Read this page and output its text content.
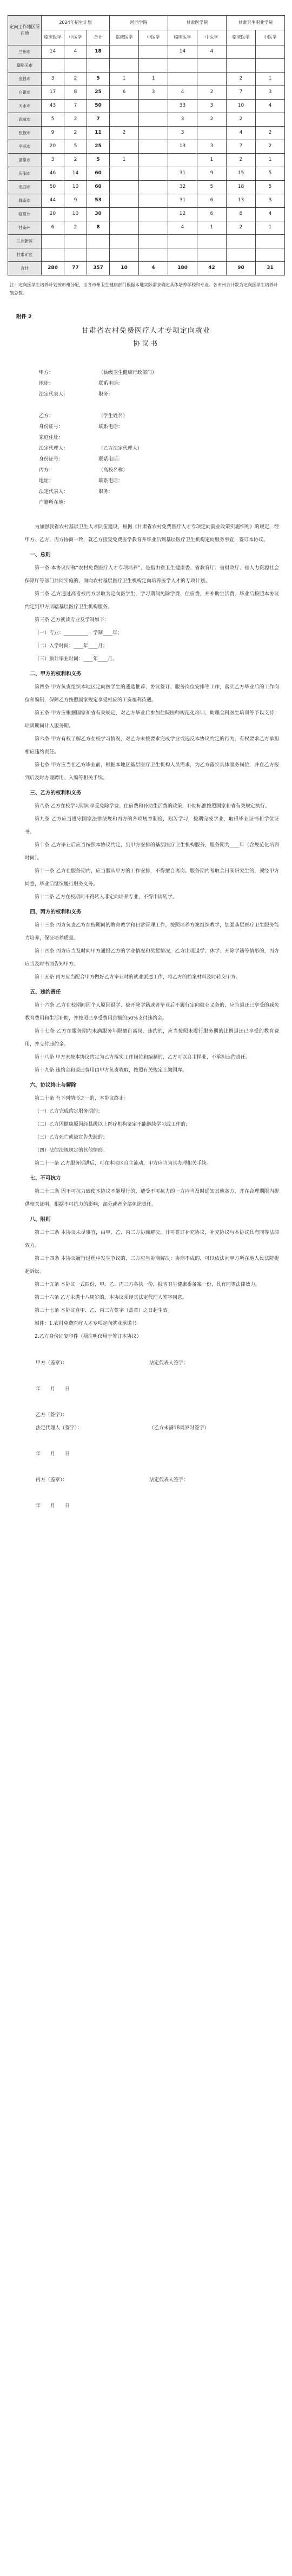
定向工作地区所在地	2024年招生计划			河西学院		甘肃医学院		甘肃卫生职业学院	
	临床医学	中医学	合计	临床医学	中医学	临床医学	中医学	临床医学	中医学
兰州市	14	4	18			14	4		
嘉峪关市									
金昌市	3	2	5	1	1			2	1
白银市	17	8	25	6	3	4	2	7	3
天水市	43	7	50			33	3	10	4
武威市	5	2	7			3	2	2	
张掖市	9	2	11	2		3		4	2
平凉市	20	5	25			13	3	7	2
酒泉市	3	2	5	1			1	2	1
庆阳市	46	14	60			31	9	15	5
定西市	50	10	60			32	5	18	5
陇南市	44	9	53			31	6	13	3
临夏州	20	10	30			12	6	8	4
甘南州	6	2	8			4	1	2	1
兰州新区									
甘肃矿区									
合计	280	77	357	10	4	180	42	90	31
注：定向医学生培养计划按市州分配，由各市州卫生健康部门根据本地实际需求确定具体培养学校和专业。各市州合计数为定向医学生培养计划总数。
附件 2
甘肃省农村免费医疗人才专项定向就业
协议书
甲方：	（县级卫生健康行政部门）
地址：	联系电话：
法定代表人：	职务：
乙方：	（学生姓名）
身份证号：	联系电话：
家庭住址：
法定代理人：	（乙方法定代理人）
身份证号：	联系电话：
丙方：	（高校名称）
地址：	联系电话：
法定代表人：	职务：
户籍所在地：

为加强我省农村基层卫生人才队伍建设，根据《甘肃省农村免费医疗人才专项定向就业政策实施细则》的规定，经甲方、乙方、丙方协商一致，就乙方接受免费医学教育并毕业后到基层医疗卫生机构定向服务事宜，签订本协议。

一、总则

第一条 本协议所称“农村免费医疗人才专项培养”，是指由省卫生健康委、省教育厅、省财政厅、省人力资源社会保障厅等部门共同实施的，面向农村基层医疗卫生机构定向培养医学人才的专项计划。

第二条 乙方通过高考被丙方录取为定向医学生，学习期间免除学费、住宿费，并补助生活费，毕业后按照本协议约定到甲方所辖基层医疗卫生机构服务。

第三条 乙方就读专业及学制如下：

（一）专业：__________，学制____年；
（二）入学时间：____年____月；
（三）预计毕业时间：____年____月。
二、甲方的权利和义务

第四条 甲方负责组织本地区定向医学生的遴选推荐、协议签订、服务岗位安排等工作，落实乙方毕业后的工作岗位和编制，保障乙方按照国家规定享受相应的工资福利待遇。

第五条 甲方应根据国家和省有关规定，对乙方毕业后参加住院医师规范化培训、助理全科医生培训等予以支持，培训期间计入服务期。

第六条 甲方有权了解乙方在校学习情况，对乙方未按要求完成学业或违反本协议约定的行为，有权要求乙方承担相应违约责任。

第七条 甲方应当在乙方毕业前，根据本地区基层医疗卫生机构人员需求，为乙方落实具体服务岗位，并在乙方报到后及时办理聘用、入编等相关手续。

三、乙方的权利和义务

第八条 乙方在校学习期间享受免除学费、住宿费和补助生活费的政策，补助标准按照国家和省有关规定执行。

第九条 乙方应当遵守国家法律法规和丙方的各项规章制度，刻苦学习，按期完成学业，取得毕业证书和学位证书。

第十条 乙方毕业后应当按照本协议约定，到甲方安排的基层医疗卫生机构服务，服务期为____年（含规范化培训时间）。

第十一条 乙方在服务期内，应当服从甲方的工作安排，不得擅自离岗。服务期内考取全日制研究生的，须经甲方同意，毕业后继续履行服务义务。

第十二条 乙方在校期间不得转入非定向培养专业，不得申请转学。

四、丙方的权利和义务

第十三条 丙方负责乙方在校期间的教育教学和日常管理工作，按照培养方案组织教学，加强基层医疗卫生服务能力培养，保证培养质量。

第十四条 丙方应当及时向甲方通报乙方的学业情况和奖惩情况，乙方出现退学、休学、开除学籍等情形的，丙方应当及时书面告知甲方。

第十五条 丙方应当配合甲方做好乙方毕业时的就业派遣工作，将乙方的档案材料及时转交甲方。

五、违约责任

第十六条 乙方在校期间因个人原因退学、被开除学籍或者毕业后不履行定向就业义务的，应当退还已享受的减免教育费用和生活补助，并按照已享受费用总额的50%支付违约金。

第十七条 乙方在服务期内未满服务年限擅自离岗、违约的，应当按照未履行服务期的比例退还已享受的教育费用，并支付违约金。

第十八条 甲方未按本协议约定为乙方落实工作岗位和编制的，乙方可以自主择业，不承担违约责任。

第十九条 违约金和退还费用由甲方负责收取，按照有关规定上缴国库。

六、协议终止与解除

第二十条 有下列情形之一的，本协议终止：

（一）乙方完成约定服务期的；

（二）乙方因健康原因经县级以上医疗机构鉴定不能继续学习或工作的；

（三）乙方死亡或被宣告失踪的；

（四）法律法规规定的其他情形。

第二十一条 乙方服务期满后，可在本地区自主流动，甲方应当为其办理相关手续。

七、不可抗力

第二十二条 因不可抗力致使本协议不能履行的，遭受不可抗力的一方应当及时通知其他各方，并在合理期限内提供相关证明，根据不可抗力的影响，部分或者全部免除责任。

八、附则

第二十三条 本协议未尽事宜，由甲、乙、丙三方协商解决，并可签订补充协议，补充协议与本协议具有同等法律效力。

第二十四条 本协议履行过程中发生争议的，三方应当协商解决；协商不成的，可以依法向甲方所在地人民法院提起诉讼。

第二十五条 本协议一式四份，甲、乙、丙三方各执一份，报省卫生健康委备案一份，具有同等法律效力。

第二十六条 乙方未满十八周岁的，本协议须经其法定代理人签字同意。

第二十七条 本协议自甲、乙、丙三方签字（盖章）之日起生效。

附件：1.农村免费医疗人才专项定向就业承诺书

2.乙方身份证复印件（须注明仅用于签订本协议）

甲方（盖章）：	法定代表人签字：
年　　月　　日
乙方（签字）：
法定代理人（签字）：	（乙方未满18周岁时签字）
年　　月　　日
丙方（盖章）：	法定代表人签字：
年　　月　　日
